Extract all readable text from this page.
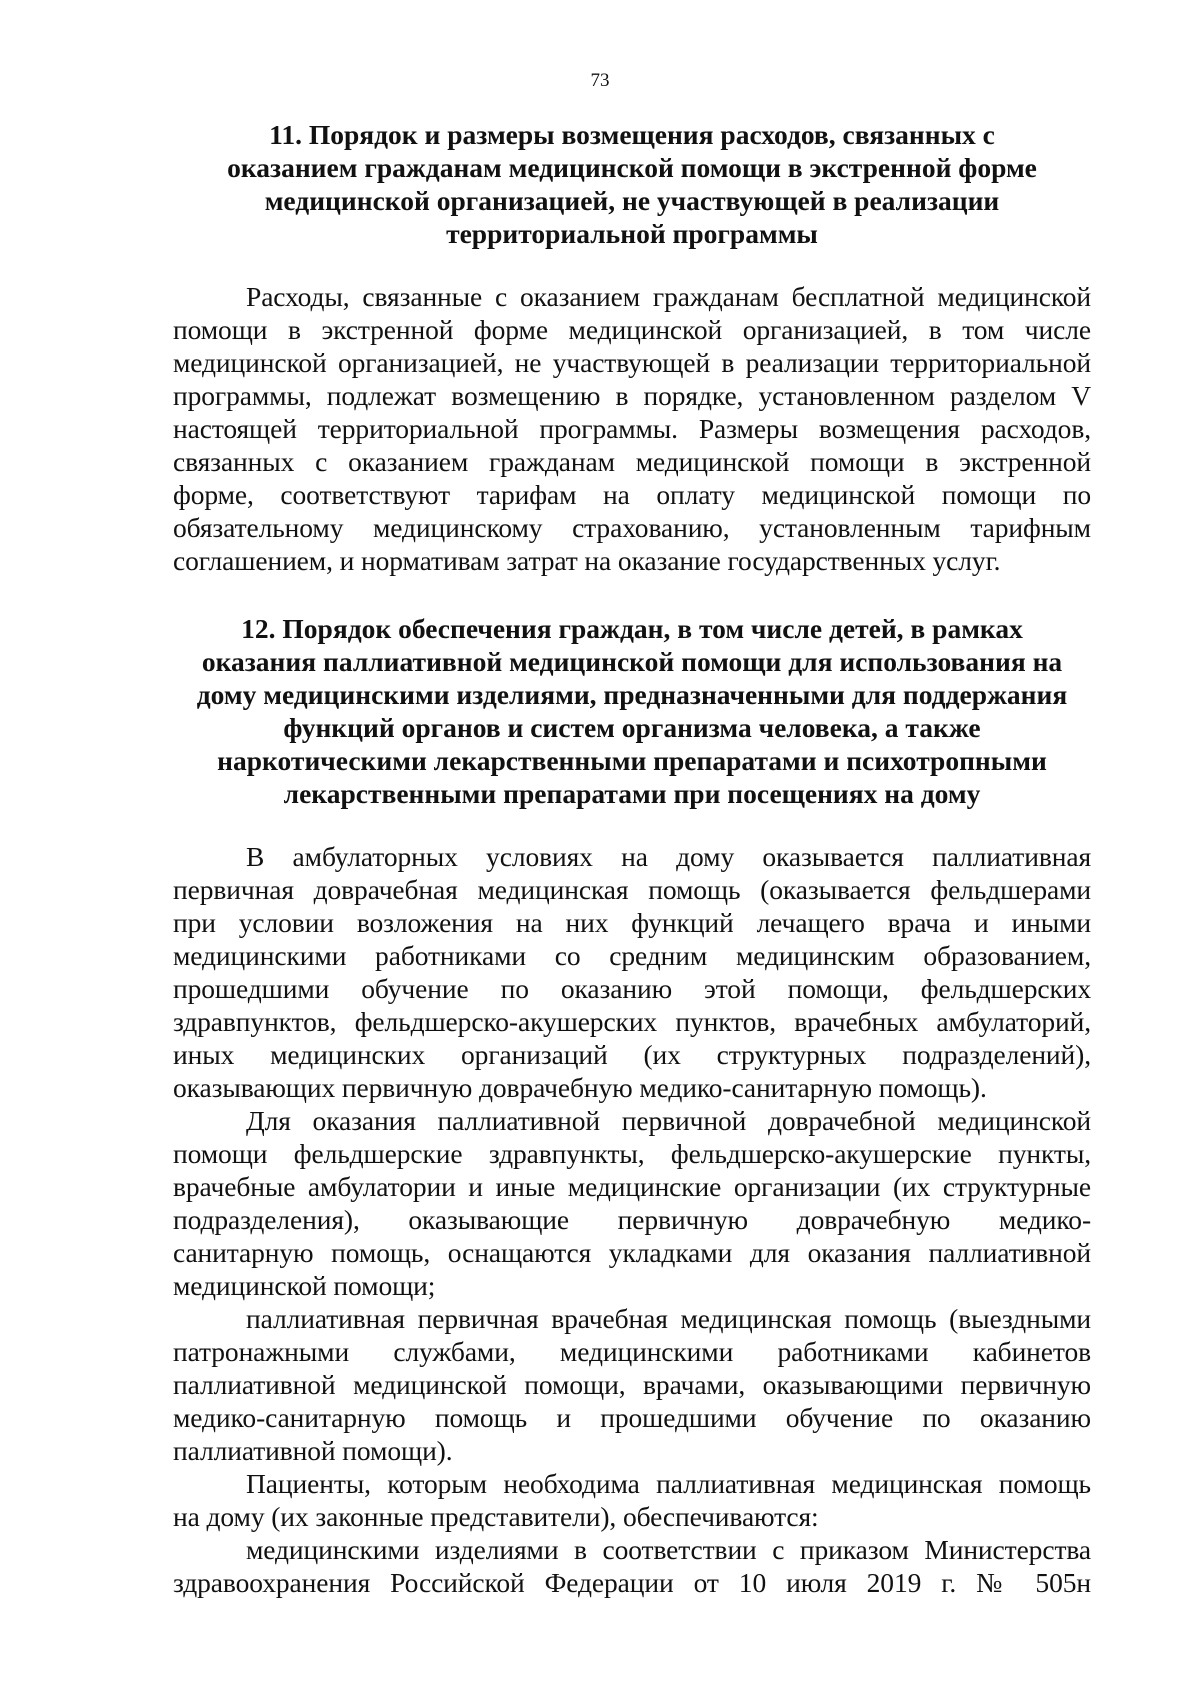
73
11. Порядок и размеры возмещения расходов, связанных с
оказанием гражданам медицинской помощи в экстренной форме
медицинской организацией, не участвующей в реализации
территориальной программы

Расходы, связанные с оказанием гражданам бесплатной медицинской
помощи в экстренной форме медицинской организацией, в том числе
медицинской организацией, не участвующей в реализации территориальной
программы, подлежат возмещению в порядке, установленном разделом V
настоящей территориальной программы. Размеры возмещения расходов,
связанных с оказанием гражданам медицинской помощи в экстренной
форме, соответствуют тарифам на оплату медицинской помощи по
обязательному медицинскому страхованию, установленным тарифным
соглашением, и нормативам затрат на оказание государственных услуг.

12. Порядок обеспечения граждан, в том числе детей, в рамках
оказания паллиативной медицинской помощи для использования на
дому медицинскими изделиями, предназначенными для поддержания
функций органов и систем организма человека, а также
наркотическими лекарственными препаратами и психотропными
лекарственными препаратами при посещениях на дому

В амбулаторных условиях на дому оказывается паллиативная
первичная доврачебная медицинская помощь (оказывается фельдшерами
при условии возложения на них функций лечащего врача и иными
медицинскими работниками со средним медицинским образованием,
прошедшими обучение по оказанию этой помощи, фельдшерских
здравпунктов, фельдшерско-акушерских пунктов, врачебных амбулаторий,
иных медицинских организаций (их структурных подразделений),
оказывающих первичную доврачебную медико-санитарную помощь).

Для оказания паллиативной первичной доврачебной медицинской
помощи фельдшерские здравпункты, фельдшерско-акушерские пункты,
врачебные амбулатории и иные медицинские организации (их структурные
подразделения), оказывающие первичную доврачебную медико-
санитарную помощь, оснащаются укладками для оказания паллиативной
медицинской помощи;

паллиативная первичная врачебная медицинская помощь (выездными
патронажными службами, медицинскими работниками кабинетов
паллиативной медицинской помощи, врачами, оказывающими первичную
медико-санитарную помощь и прошедшими обучение по оказанию
паллиативной помощи).

Пациенты, которым необходима паллиативная медицинская помощь
на дому (их законные представители), обеспечиваются:

медицинскими изделиями в соответствии с приказом Министерства
здравоохранения Российской Федерации от 10 июля 2019 г. № 505н
